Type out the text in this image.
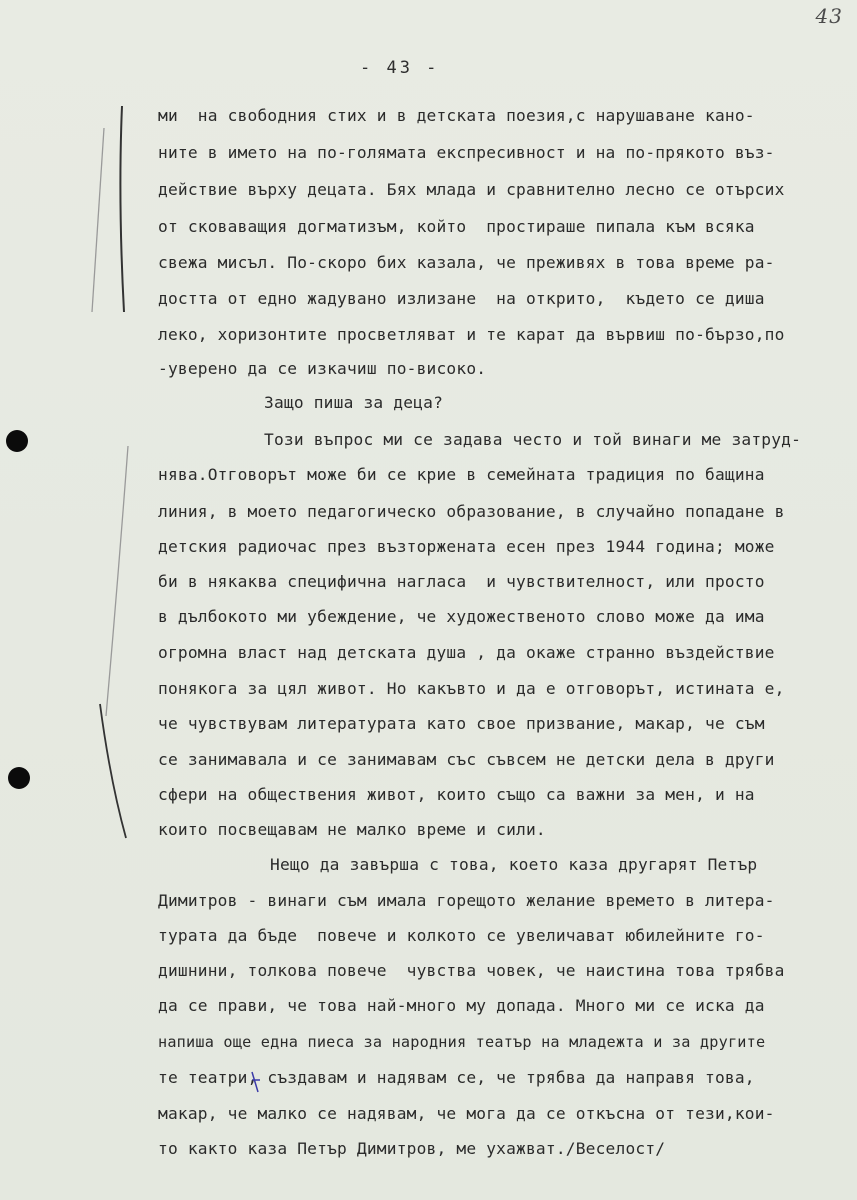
43
- 43 -
ми  на свободния стих и в детската поезия,с нарушаване кано-
ните в името на по-голямата експресивност и на по-прякото въз-
действие върху децата. Бях млада и сравнително лесно се отърсих
от сковаващия догматизъм, който  простираше пипала към всяка
свежа мисъл. По-скоро бих казала, че преживях в това време ра-
достта от едно жадувано излизане  на открито,  където се диша
леко, хоризонтите просветляват и те карат да вървиш по-бързо,по
-уверено да се изкачиш по-високо.
Защо пиша за деца?
Този въпрос ми се задава често и той винаги ме затруд-
нява.Отговорът може би се крие в семейната традиция по бащина
линия, в моето педагогическо образование, в случайно попадане в
детския радиочас през възторжената есен през 1944 година; може
би в някаква специфична нагласа  и чувствителност, или просто
в дълбокото ми убеждение, че художественото слово може да има
огромна власт над детската душа , да окаже странно въздействие
понякога за цял живот. Но какъвто и да е отговорът, истината е,
че чувствувам литературата като свое призвание, макар, че съм
се занимавала и се занимавам със съвсем не детски дела в други
сфери на обществения живот, които също са важни за мен, и на
които посвещавам не малко време и сили.
Нещо да завърша с това, което каза другарят Петър
Димитров - винаги съм имала горещото желание времето в литера-
турата да бъде  повече и колкото се увеличават юбилейните го-
дишнини, толкова повече  чувства човек, че наистина това трябва
да се прави, че това най-много му допада. Много ми се иска да
напиша още една пиеса за народния театър на младежта и за другите
те театри, създавам и надявам се, че трябва да направя това,
макар, че малко се надявам, че мога да се откъсна от тези,кои-
то както каза Петър Димитров, ме ухажват./Веселост/
